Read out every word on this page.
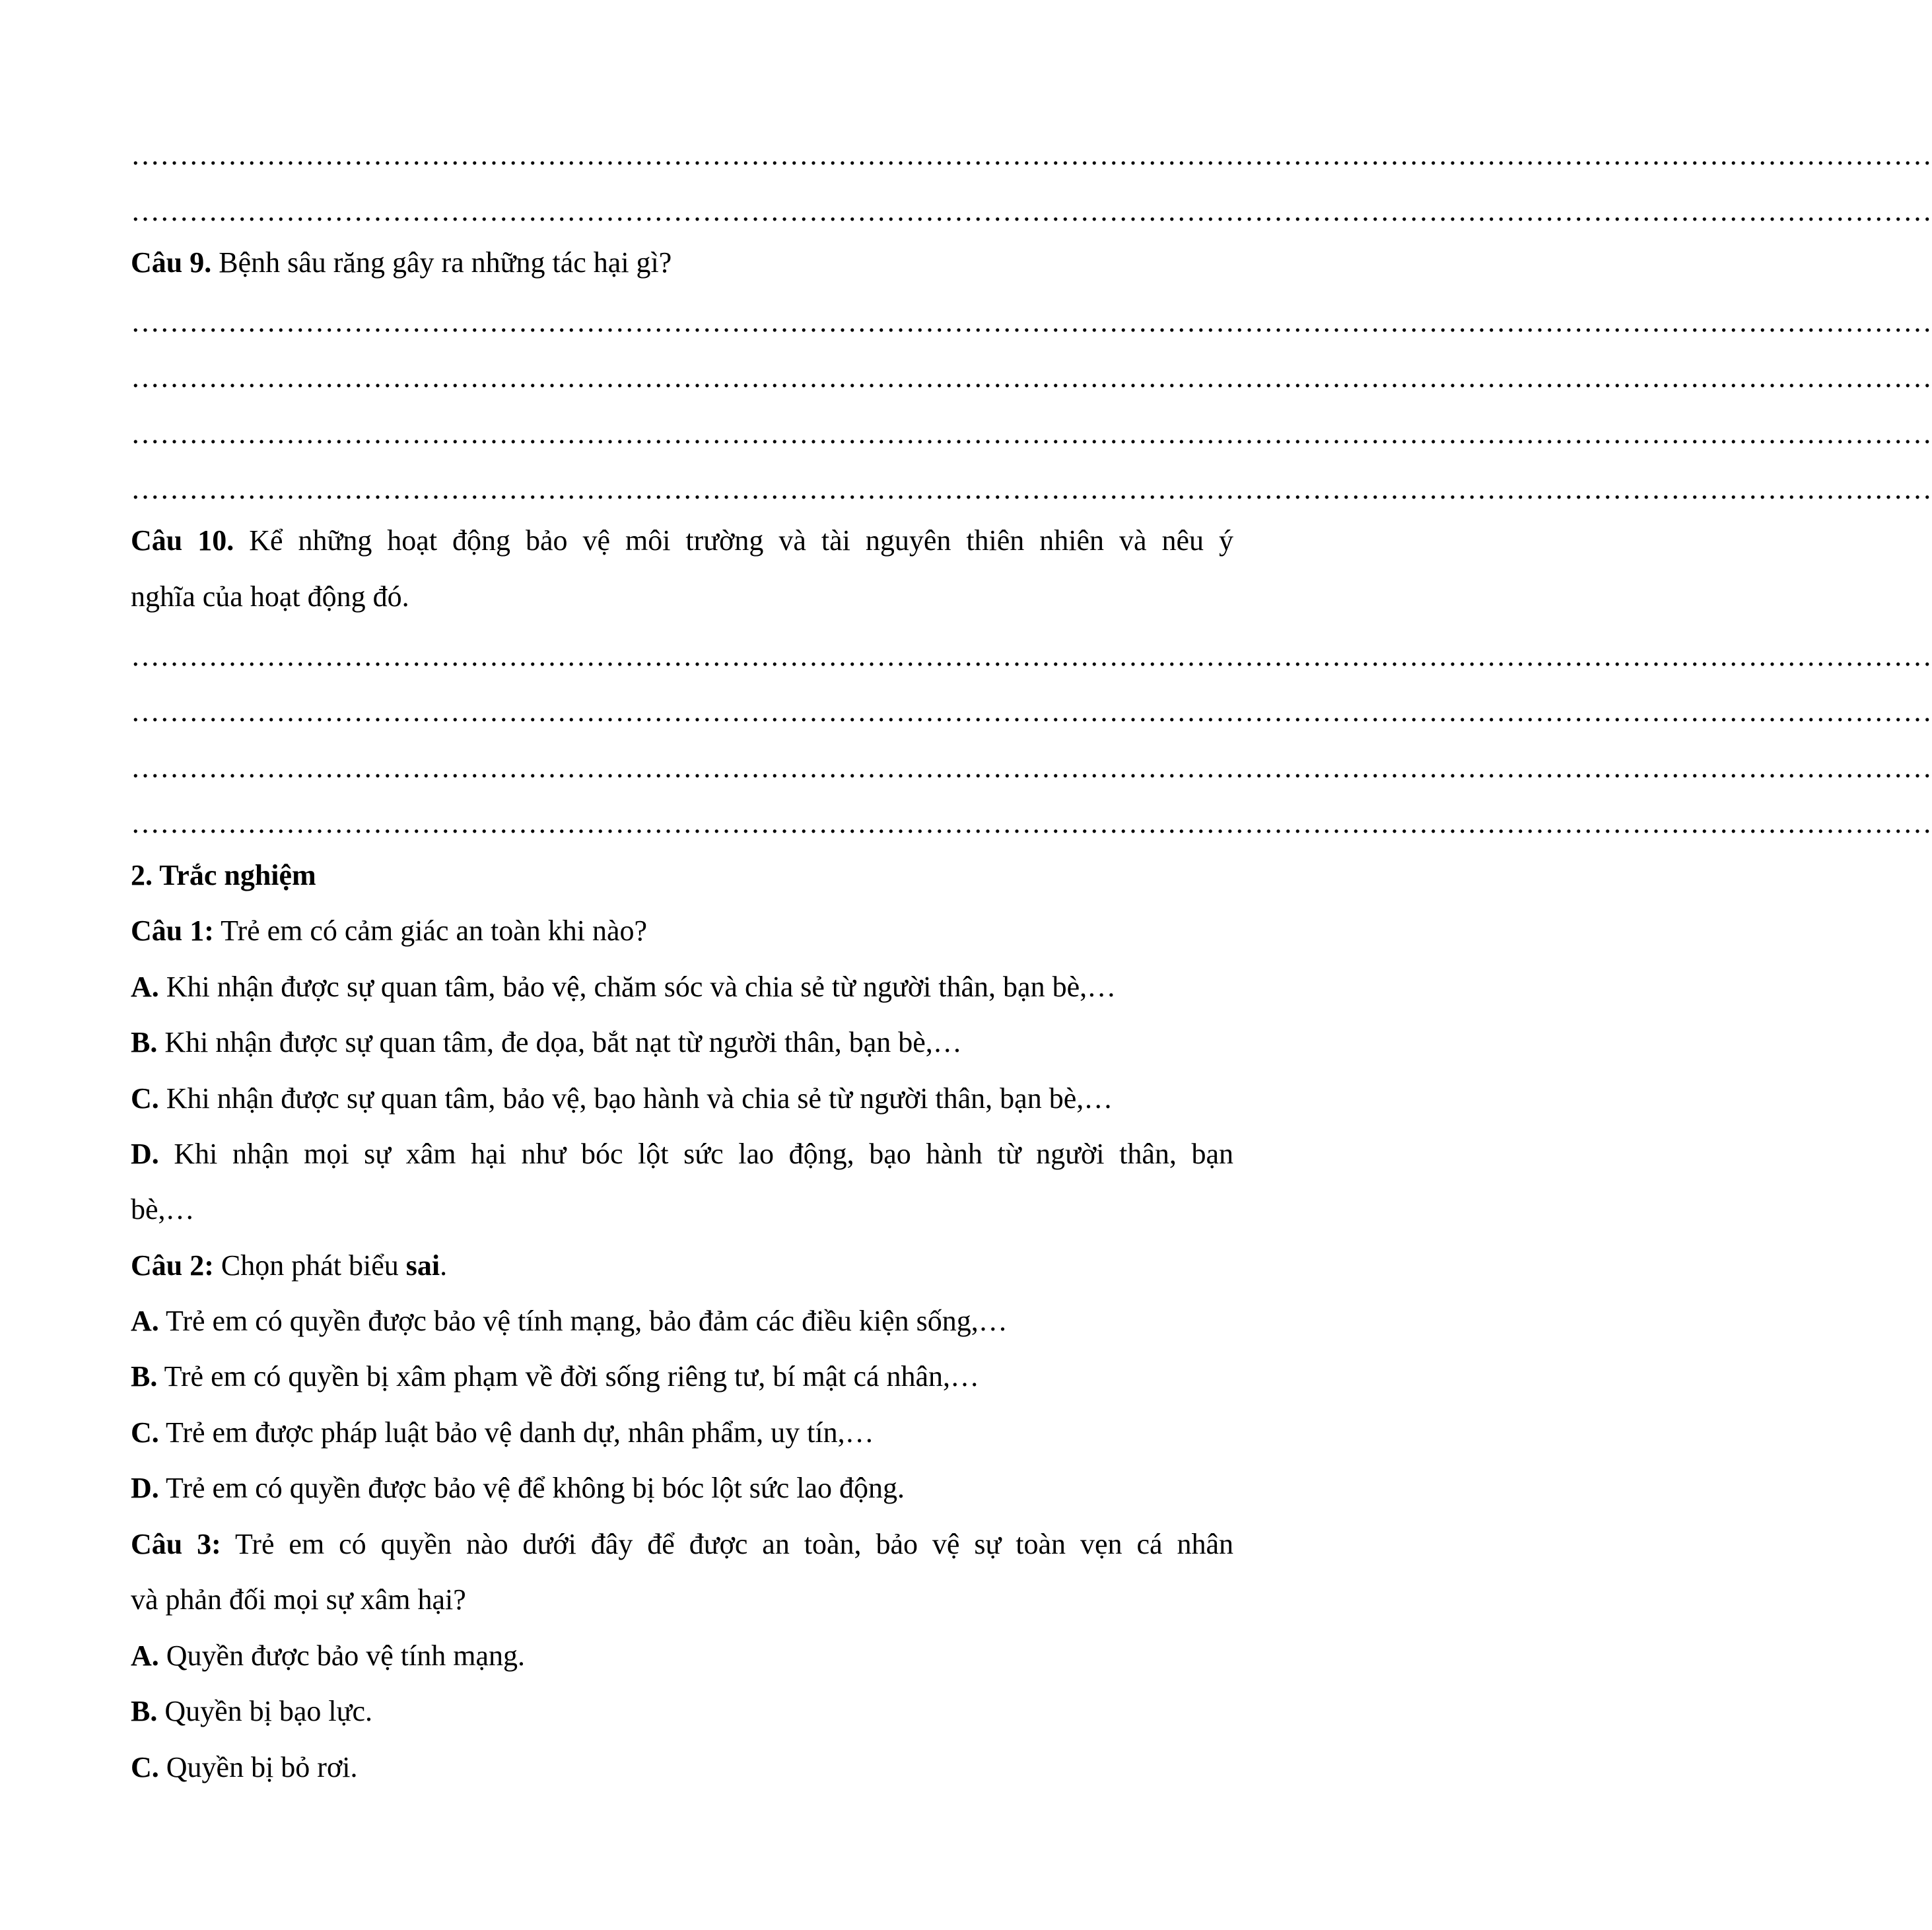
……………………………………………………………………………………………………………………………………………………………………
……………………………………………………………………………………………………………………………………………………………………
Câu 9. Bệnh sâu răng gây ra những tác hại gì?
……………………………………………………………………………………………………………………………………………………………………
……………………………………………………………………………………………………………………………………………………………………
……………………………………………………………………………………………………………………………………………………………………
……………………………………………………………………………………………………………………………………………………………………
Câu 10. Kể những hoạt động bảo vệ môi trường và tài nguyên thiên nhiên và nêu ý
nghĩa của hoạt động đó.
……………………………………………………………………………………………………………………………………………………………………
……………………………………………………………………………………………………………………………………………………………………
……………………………………………………………………………………………………………………………………………………………………
……………………………………………………………………………………………………………………………………………………………………
2. Trắc nghiệm
Câu 1: Trẻ em có cảm giác an toàn khi nào?
A. Khi nhận được sự quan tâm, bảo vệ, chăm sóc và chia sẻ từ người thân, bạn bè,…
B. Khi nhận được sự quan tâm, đe dọa, bắt nạt từ người thân, bạn bè,…
C. Khi nhận được sự quan tâm, bảo vệ, bạo hành và chia sẻ từ người thân, bạn bè,…
D. Khi nhận mọi sự xâm hại như bóc lột sức lao động, bạo hành từ người thân, bạn
bè,…
Câu 2: Chọn phát biểu sai.
A. Trẻ em có quyền được bảo vệ tính mạng, bảo đảm các điều kiện sống,…
B. Trẻ em có quyền bị xâm phạm về đời sống riêng tư, bí mật cá nhân,…
C. Trẻ em được pháp luật bảo vệ danh dự, nhân phẩm, uy tín,…
D. Trẻ em có quyền được bảo vệ để không bị bóc lột sức lao động.
Câu 3: Trẻ em có quyền nào dưới đây để được an toàn, bảo vệ sự toàn vẹn cá nhân
và phản đối mọi sự xâm hại?
A. Quyền được bảo vệ tính mạng.
B. Quyền bị bạo lực.
C. Quyền bị bỏ rơi.
